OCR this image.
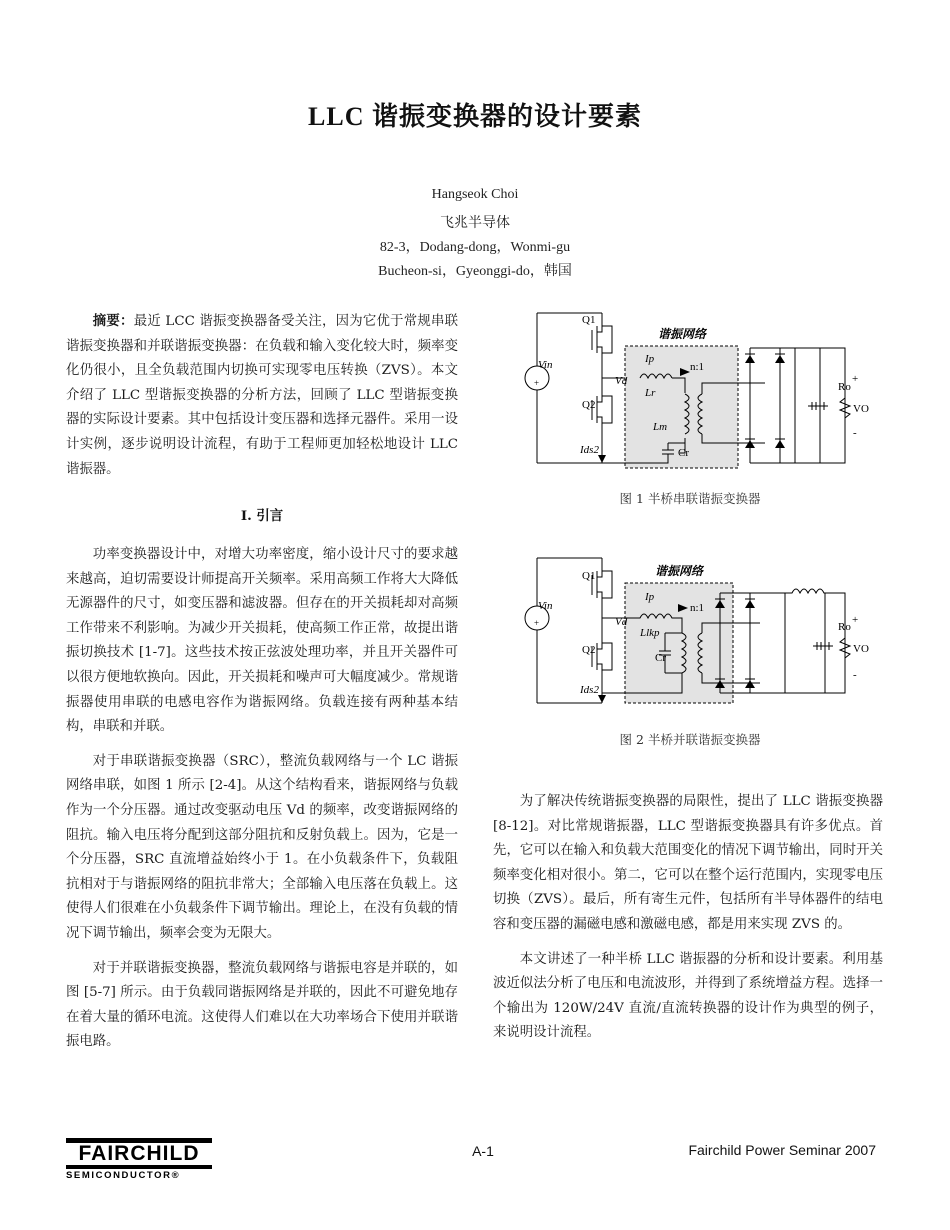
LLC 谐振变换器的设计要素
Hangseok Choi
飞兆半导体
82-3，Dodang-dong，Wonmi-gu
Bucheon-si，Gyeonggi-do，韩国

摘要：最近 LCC 谐振变换器备受关注，因为它优于常规串联谐振变换器和并联谐振变换器：在负载和输入变化较大时，频率变化仍很小，且全负载范围内切换可实现零电压转换（ZVS）。本文介绍了 LLC 型谐振变换器的分析方法，回顾了 LLC 型谐振变换器的实际设计要素。其中包括设计变压器和选择元器件。采用一设计实例，逐步说明设计流程，有助于工程师更加轻松地设计 LLC 谐振器。

I. 引言

功率变换器设计中，对增大功率密度，缩小设计尺寸的要求越来越高，迫切需要设计师提高开关频率。采用高频工作将大大降低无源器件的尺寸，如变压器和滤波器。但存在的开关损耗却对高频工作带来不利影响。为减少开关损耗，使高频工作正常，故提出谐振切换技术 [1-7]。这些技术按正弦波处理功率，并且开关器件可以很方便地软换向。因此，开关损耗和噪声可大幅度减少。常规谐振器使用串联的电感电容作为谐振网络。负载连接有两种基本结构，串联和并联。

对于串联谐振变换器（SRC），整流负载网络与一个 LC 谐振网络串联，如图 1 所示 [2-4]。从这个结构看来，谐振网络与负载作为一个分压器。通过改变驱动电压 Vd 的频率，改变谐振网络的阻抗。输入电压将分配到这部分阻抗和反射负载上。因为，它是一个分压器，SRC 直流增益始终小于 1。在小负载条件下，负载阻抗相对于与谐振网络的阻抗非常大；全部输入电压落在负载上。这使得人们很难在小负载条件下调节输出。理论上，在没有负载的情况下调节输出，频率会变为无限大。

对于并联谐振变换器，整流负载网络与谐振电容是并联的，如图 [5-7] 所示。由于负载同谐振网络是并联的，因此不可避免地存在着大量的循环电流。这使得人们难以在大功率场合下使用并联谐振电路。

Q1
Q2
Vin
Vd
Ip
Lr
Lm
n:1
Cr
Ids2
Ro
VO
+
-
+
谐振网络
图 1 半桥串联谐振变换器
Q1
Q2
Vin
Vd
Ip
Llkp
n:1
Cr
Ids2
Ro
VO
+
-
+
谐振网络
图 2 半桥并联谐振变换器

为了解决传统谐振变换器的局限性，提出了 LLC 谐振变换器 [8-12]。对比常规谐振器，LLC 型谐振变换器具有许多优点。首先，它可以在输入和负载大范围变化的情况下调节输出，同时开关频率变化相对很小。第二，它可以在整个运行范围内，实现零电压切换（ZVS）。最后，所有寄生元件，包括所有半导体器件的结电容和变压器的漏磁电感和激磁电感，都是用来实现 ZVS 的。

本文讲述了一种半桥 LLC 谐振器的分析和设计要素。利用基波近似法分析了电压和电流波形，并得到了系统增益方程。选择一个输出为 120W/24V 直流/直流转换器的设计作为典型的例子，来说明设计流程。

FAIRCHILD
SEMICONDUCTOR®
A-1	Fairchild Power Seminar 2007
